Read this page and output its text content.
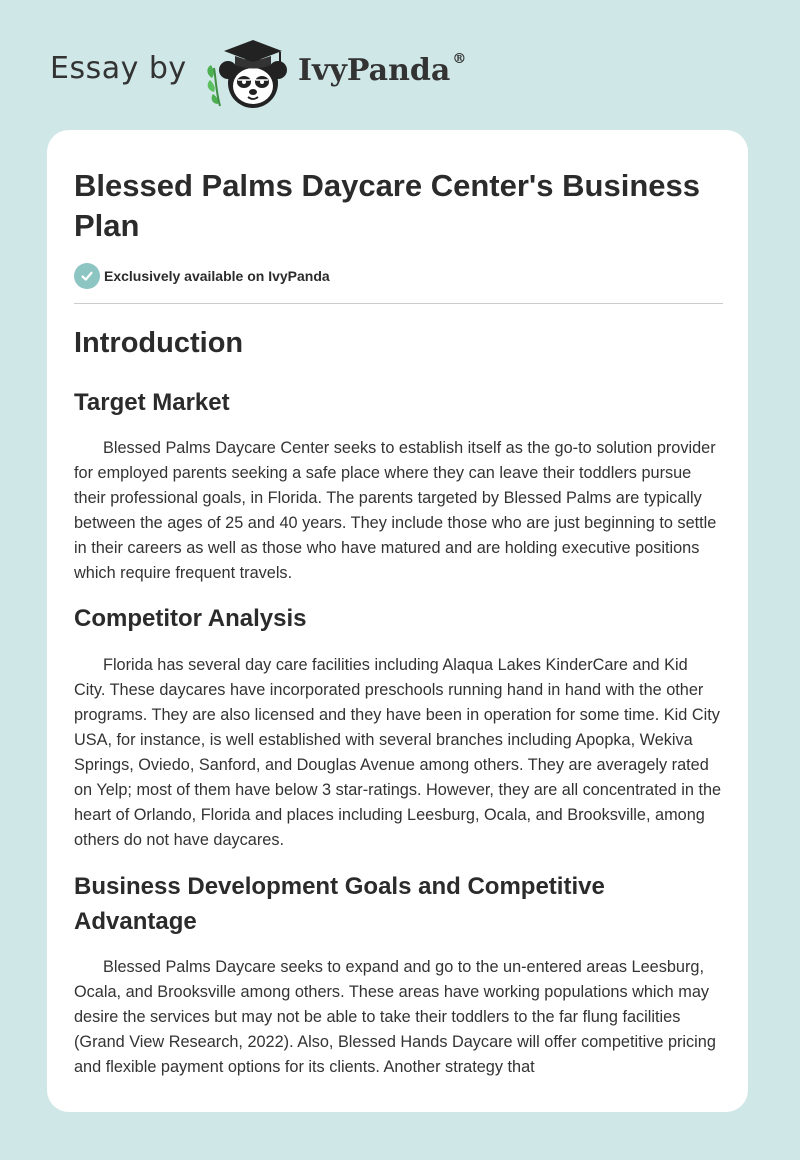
Essay by	IvyPanda ®
Blessed Palms Daycare Center's Business Plan
Exclusively available on IvyPanda
Introduction
Target Market

Blessed Palms Daycare Center seeks to establish itself as the go-to solution provider for employed parents seeking a safe place where they can leave their toddlers pursue their professional goals, in Florida. The parents targeted by Blessed Palms are typically between the ages of 25 and 40 years. They include those who are just beginning to settle in their careers as well as those who have matured and are holding executive positions which require frequent travels.

Competitor Analysis

Florida has several day care facilities including Alaqua Lakes KinderCare and Kid City. These daycares have incorporated preschools running hand in hand with the other programs. They are also licensed and they have been in operation for some time. Kid City USA, for instance, is well established with several branches including Apopka, Wekiva Springs, Oviedo, Sanford, and Douglas Avenue among others. They are averagely rated on Yelp; most of them have below 3 star-ratings. However, they are all concentrated in the heart of Orlando, Florida and places including Leesburg, Ocala, and Brooksville, among others do not have daycares.

Business Development Goals and Competitive Advantage

Blessed Palms Daycare seeks to expand and go to the un-entered areas Leesburg, Ocala, and Brooksville among others. These areas have working populations which may desire the services but may not be able to take their toddlers to the far flung facilities (Grand View Research, 2022). Also, Blessed Hands Daycare will offer competitive pricing and flexible payment options for its clients. Another strategy that
